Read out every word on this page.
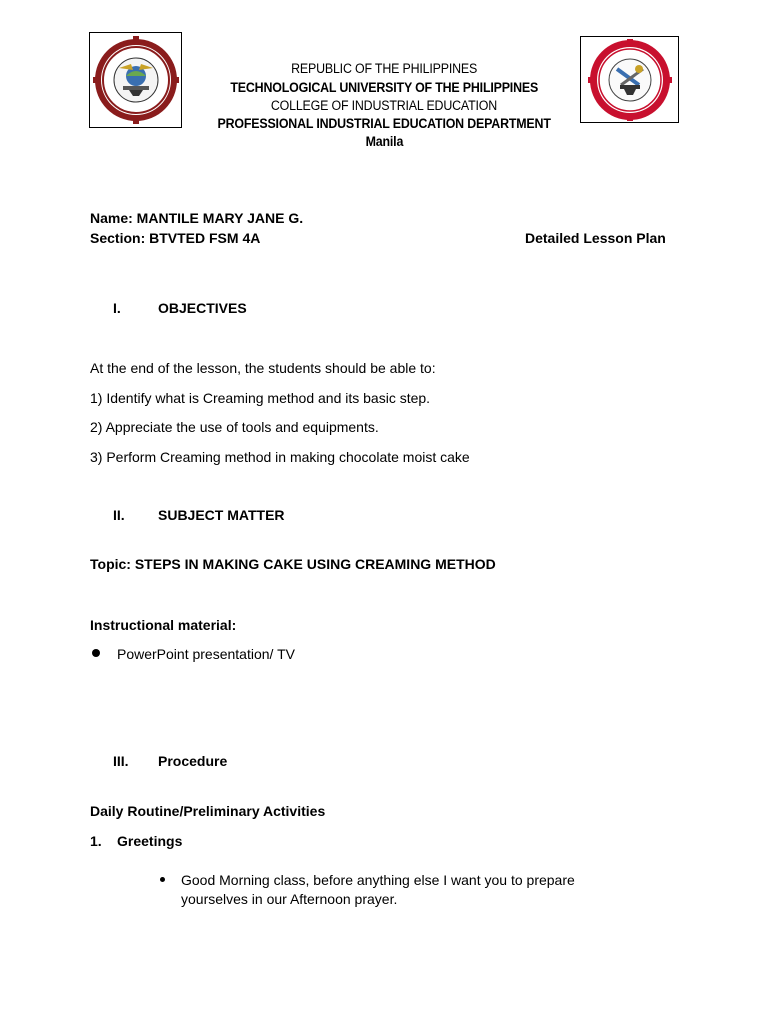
REPUBLIC OF THE PHILIPPINES
TECHNOLOGICAL UNIVERSITY OF THE PHILIPPINES
COLLEGE OF INDUSTRIAL EDUCATION
PROFESSIONAL INDUSTRIAL EDUCATION DEPARTMENT
Manila
Name: MANTILE MARY JANE G.
Section: BTVTED FSM 4A	Detailed Lesson Plan
I.	OBJECTIVES
At the end of the lesson, the students should be able to:
1) Identify what is Creaming method and its basic step.
2) Appreciate the use of tools and equipments.
3) Perform Creaming method in making chocolate moist cake
II. SUBJECT MATTER
Topic: STEPS IN MAKING CAKE USING CREAMING METHOD
Instructional material:
PowerPoint presentation/ TV
III. Procedure
Daily Routine/Preliminary Activities
1. Greetings
Good Morning class, before anything else I want you to prepare
yourselves in our Afternoon prayer.
